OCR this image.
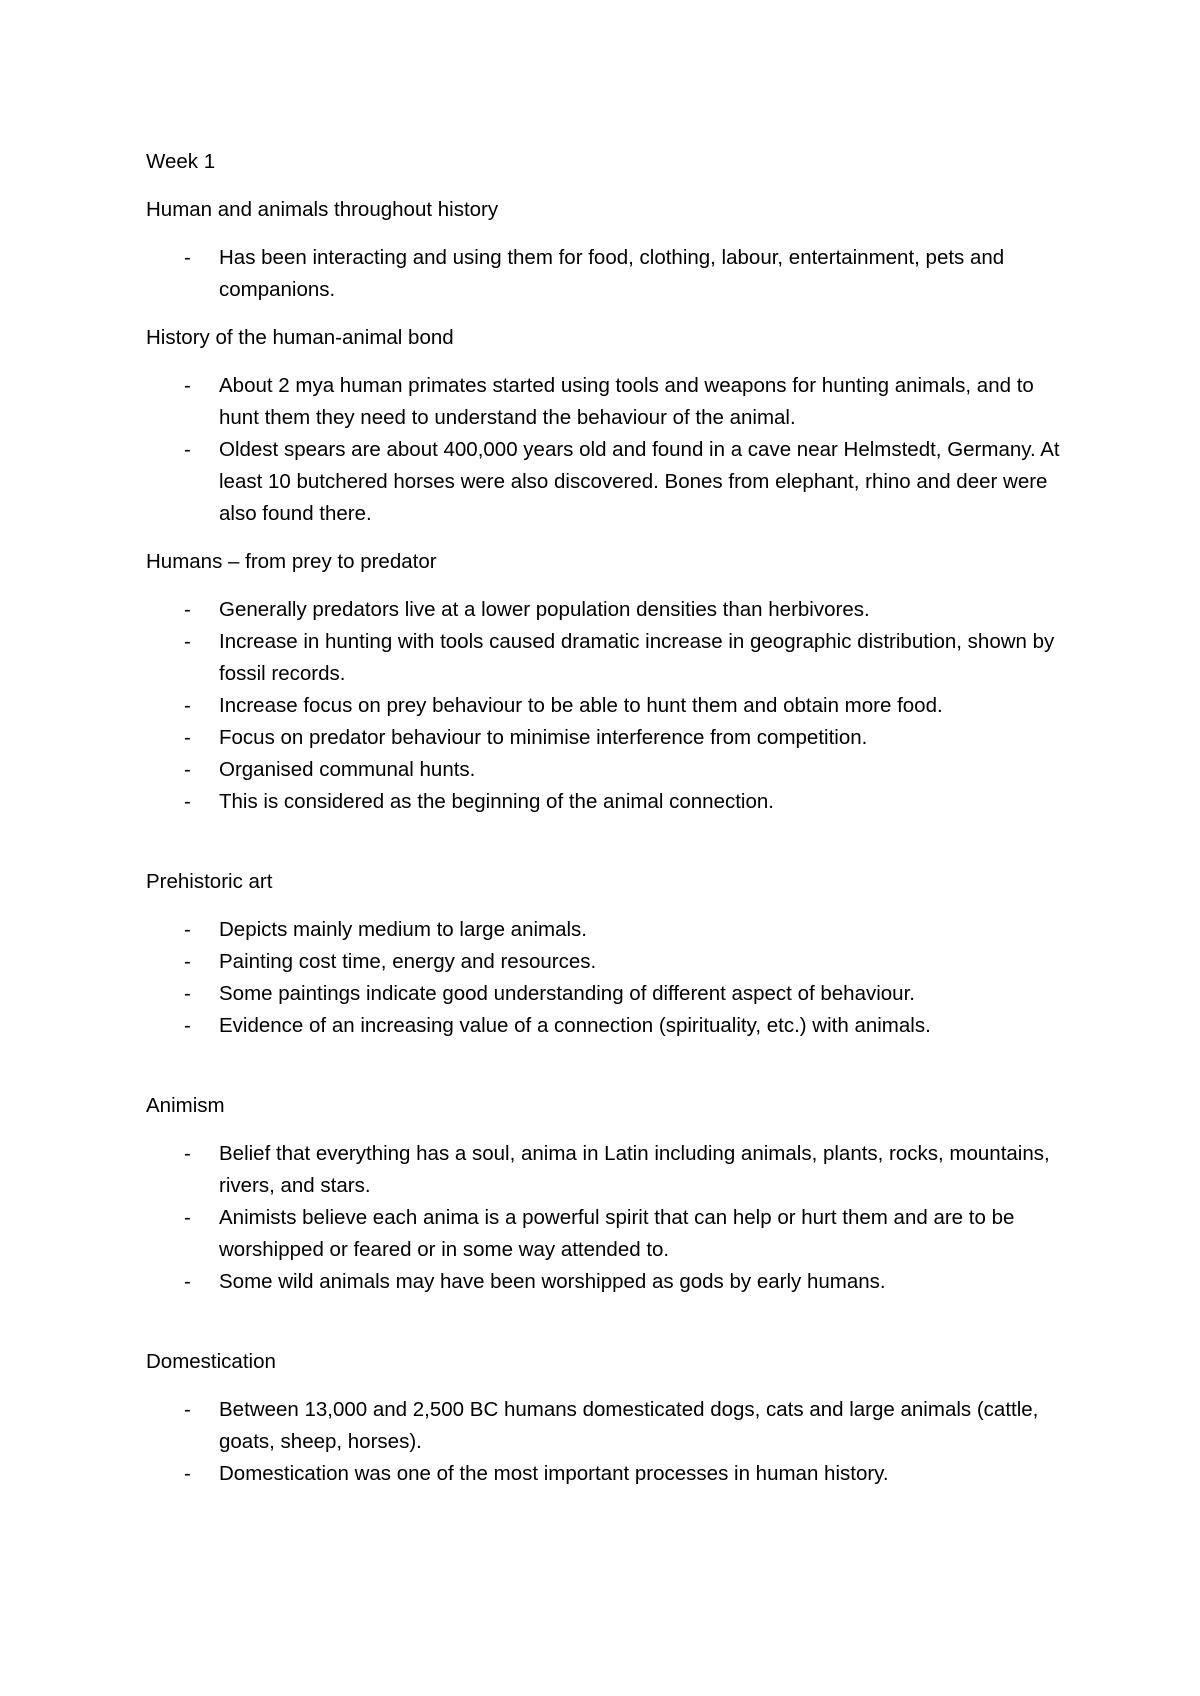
Week 1
Human and animals throughout history
- Has been interacting and using them for food, clothing, labour, entertainment, pets and companions.
History of the human-animal bond
- About 2 mya human primates started using tools and weapons for hunting animals, and to hunt them they need to understand the behaviour of the animal.
- Oldest spears are about 400,000 years old and found in a cave near Helmstedt, Germany. At least 10 butchered horses were also discovered. Bones from elephant, rhino and deer were also found there.
Humans – from prey to predator
- Generally predators live at a lower population densities than herbivores.
- Increase in hunting with tools caused dramatic increase in geographic distribution, shown by fossil records.
- Increase focus on prey behaviour to be able to hunt them and obtain more food.
- Focus on predator behaviour to minimise interference from competition.
- Organised communal hunts.
- This is considered as the beginning of the animal connection.
Prehistoric art
- Depicts mainly medium to large animals.
- Painting cost time, energy and resources.
- Some paintings indicate good understanding of different aspect of behaviour.
- Evidence of an increasing value of a connection (spirituality, etc.) with animals.
Animism
- Belief that everything has a soul, anima in Latin including animals, plants, rocks, mountains, rivers, and stars.
- Animists believe each anima is a powerful spirit that can help or hurt them and are to be worshipped or feared or in some way attended to.
- Some wild animals may have been worshipped as gods by early humans.
Domestication
- Between 13,000 and 2,500 BC humans domesticated dogs, cats and large animals (cattle, goats, sheep, horses).
- Domestication was one of the most important processes in human history.
